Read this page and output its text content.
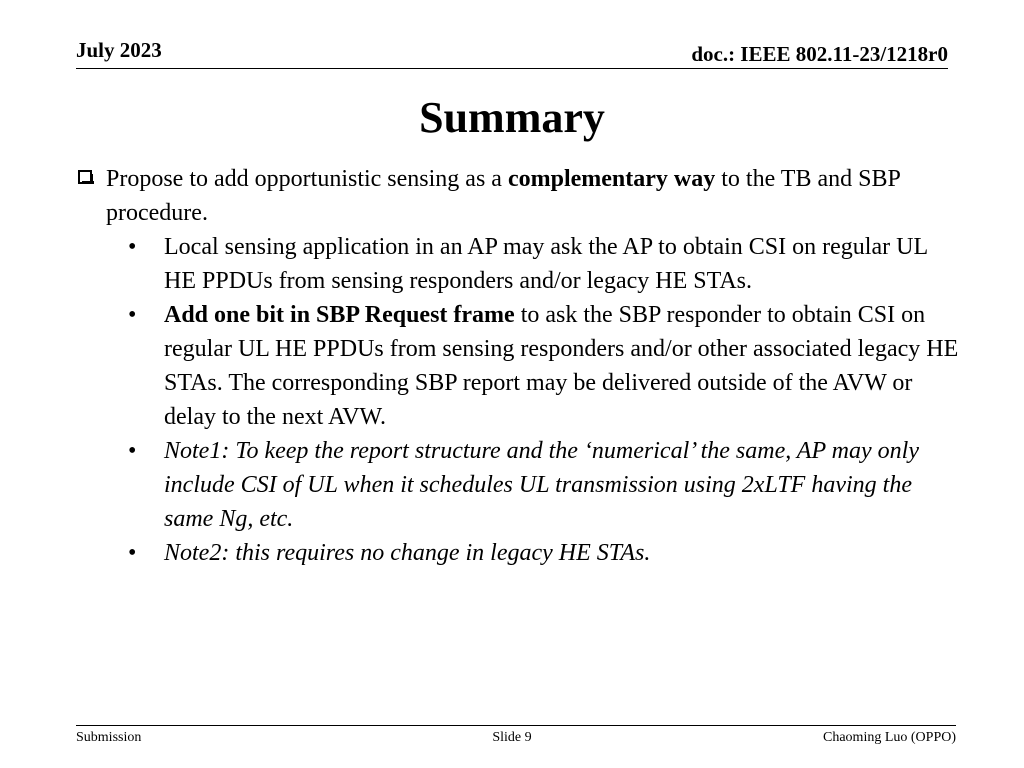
July 2023	doc.: IEEE 802.11-23/1218r0
Summary
Propose to add opportunistic sensing as a complementary way to the TB and SBP procedure.
• Local sensing application in an AP may ask the AP to obtain CSI on regular UL HE PPDUs from sensing responders and/or legacy HE STAs.
• Add one bit in SBP Request frame to ask the SBP responder to obtain CSI on regular UL HE PPDUs from sensing responders and/or other associated legacy HE STAs. The corresponding SBP report may be delivered outside of the AVW or delay to the next AVW.
• Note1: To keep the report structure and the ‘numerical’ the same, AP may only include CSI of UL when it schedules UL transmission using 2xLTF having the same Ng, etc.
• Note2: this requires no change in legacy HE STAs.
Submission	Slide 9	Chaoming Luo (OPPO)
